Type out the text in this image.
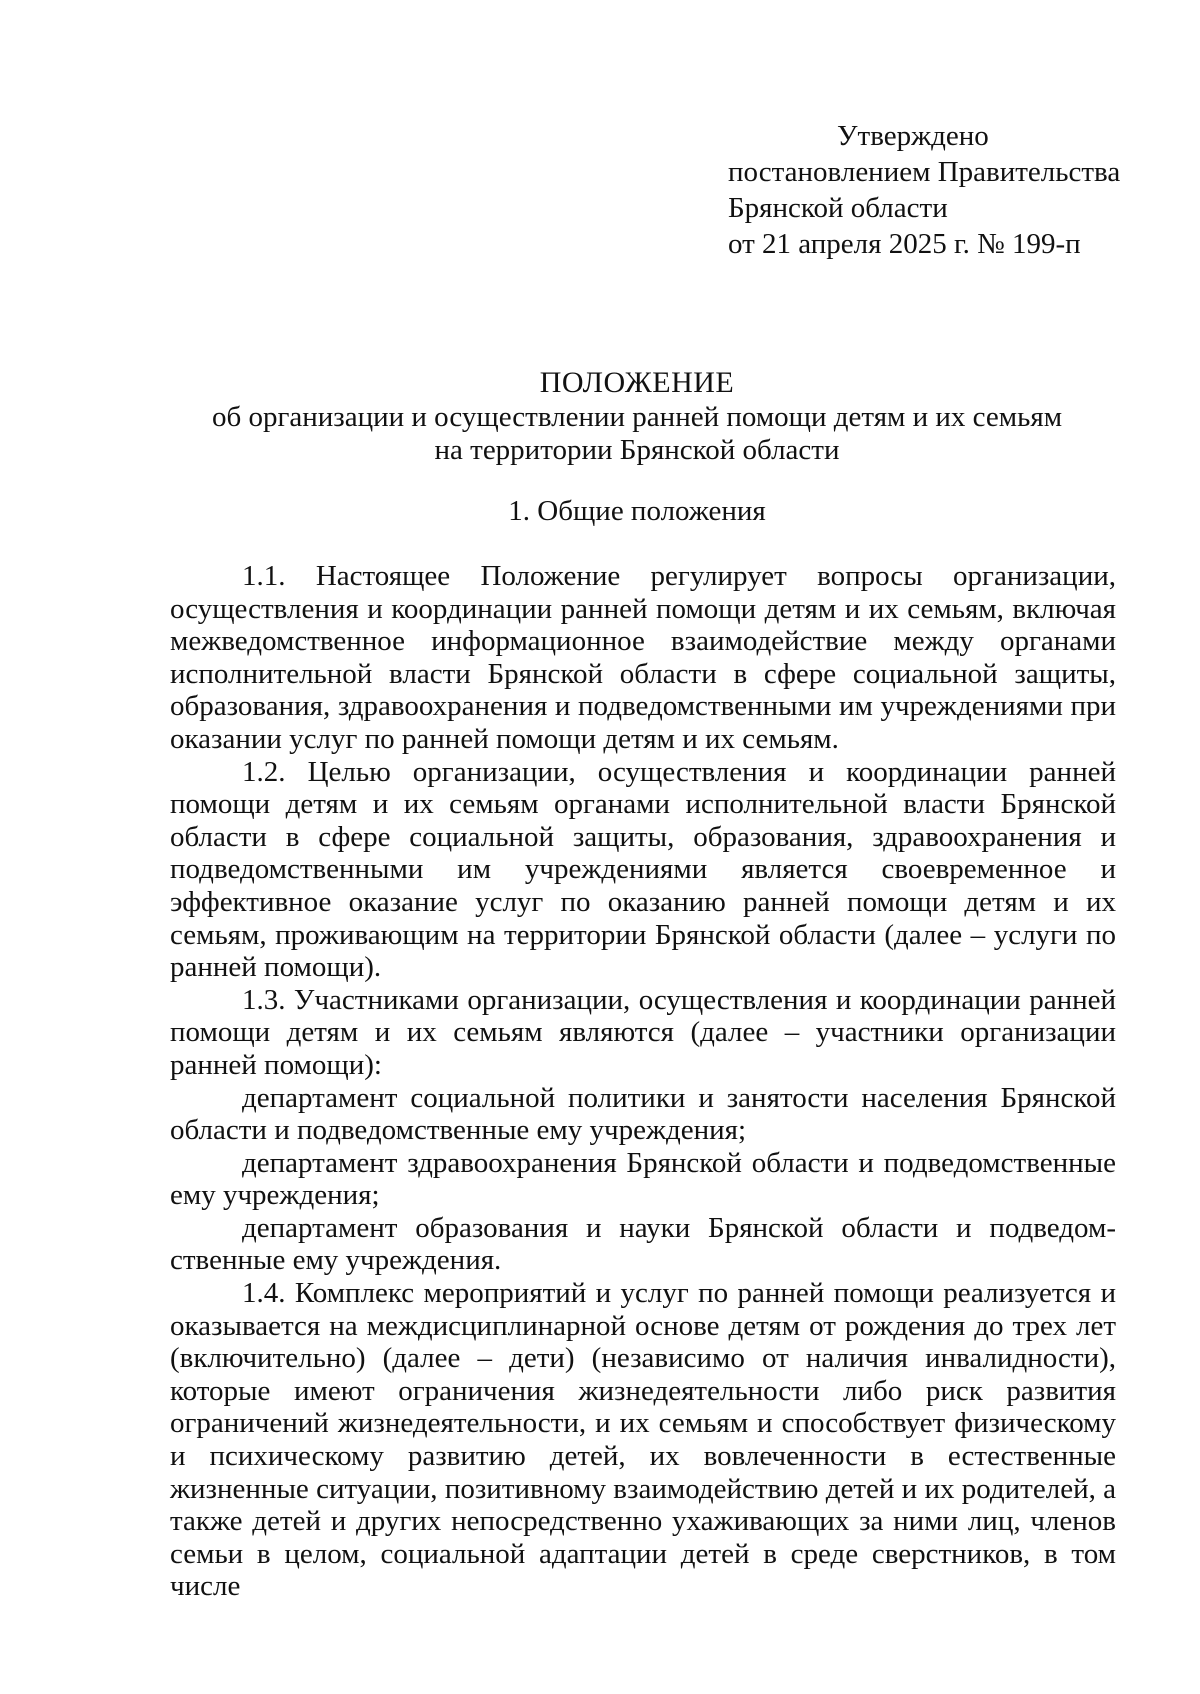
Утверждено
постановлением Правительства
Брянской области
от 21 апреля 2025 г. № 199-п
ПОЛОЖЕНИЕ
об организации и осуществлении ранней помощи детям и их семьям
на территории Брянской области
1. Общие положения

1.1. Настоящее Положение регулирует вопросы организации, осуществления и координации ранней помощи детям и их семьям, включая межведомственное информационное взаимодействие между органами исполнительной власти Брянской области в сфере социальной защиты, образования, здравоохранения и подведомственными им учреждениями при оказании услуг по ранней помощи детям и их семьям.

1.2. Целью организации, осуществления и координации ранней помощи детям и их семьям органами исполнительной власти Брянской области в сфере социальной защиты, образования, здравоохранения и подведомственными им учреждениями является своевременное и эффективное оказание услуг по оказанию ранней помощи детям и их семьям, проживающим на территории Брянской области (далее – услуги по ранней помощи).

1.3. Участниками организации, осуществления и координации ранней помощи детям и их семьям являются (далее – участники организации ранней помощи):

департамент социальной политики и занятости населения Брянской области и подведомственные ему учреждения;

департамент здравоохранения Брянской области и подведомственные ему учреждения;

департамент образования и науки Брянской области и подведомственные ему учреждения.

1.4. Комплекс мероприятий и услуг по ранней помощи реализуется и оказывается на междисциплинарной основе детям от рождения до трех лет (включительно) (далее – дети) (независимо от наличия инвалидности), которые имеют ограничения жизнедеятельности либо риск развития ограничений жизнедеятельности, и их семьям и способствует физическому и психическому развитию детей, их вовлеченности в естественные жизненные ситуации, позитивному взаимодействию детей и их родителей, а также детей и других непосредственно ухаживающих за ними лиц, членов семьи в целом, социальной адаптации детей в среде сверстников, в том числе
